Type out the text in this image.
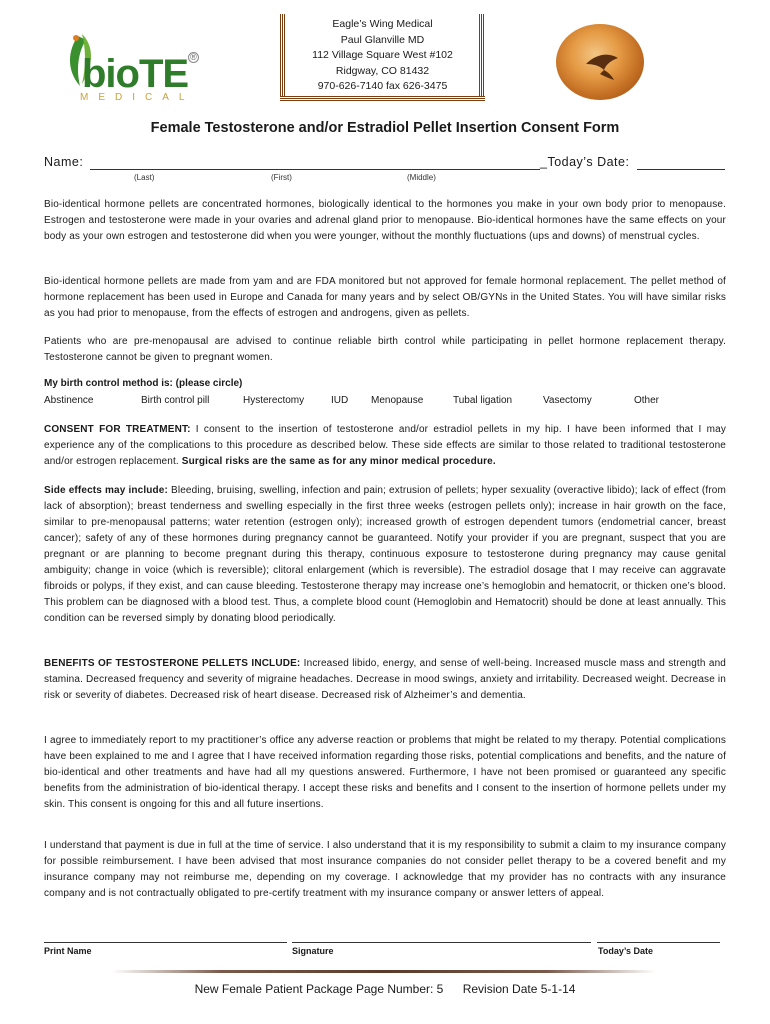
bioTE ®
MEDICAL
Eagle’s Wing Medical
Paul Glanville MD
112 Village Square West #102
Ridgway, CO 81432
970-626-7140 fax 626-3475
Female Testosterone and/or Estradiol Pellet Insertion Consent Form
Name:	_Today’s Date:
(Last)	(First)	(Middle)
Bio-identical hormone pellets are concentrated hormones, biologically identical to the hormones you make in your own body prior to menopause. Estrogen and testosterone were made in your ovaries and adrenal gland prior to menopause. Bio-identical hormones have the same effects on your body as your own estrogen and testosterone did when you were younger, without the monthly fluctuations (ups and downs) of menstrual cycles.
Bio-identical hormone pellets are made from yam and are FDA monitored but not approved for female hormonal replacement. The pellet method of hormone replacement has been used in Europe and Canada for many years and by select OB/GYNs in the United States. You will have similar risks as you had prior to menopause, from the effects of estrogen and androgens, given as pellets.
Patients who are pre-menopausal are advised to continue reliable birth control while participating in pellet hormone replacement therapy. Testosterone cannot be given to pregnant women.
My birth control method is: (please circle)
Abstinence	Birth control pill	Hysterectomy	IUD Menopause	Tubal ligation	Vasectomy	Other
CONSENT FOR TREATMENT: I consent to the insertion of testosterone and/or estradiol pellets in my hip. I have been informed that I may experience any of the complications to this procedure as described below. These side effects are similar to those related to traditional testosterone and/or estrogen replacement. Surgical risks are the same as for any minor medical procedure.
Side effects may include: Bleeding, bruising, swelling, infection and pain; extrusion of pellets; hyper sexuality (overactive libido); lack of effect (from lack of absorption); breast tenderness and swelling especially in the first three weeks (estrogen pellets only); increase in hair growth on the face, similar to pre-menopausal patterns; water retention (estrogen only); increased growth of estrogen dependent tumors (endometrial cancer, breast cancer); safety of any of these hormones during pregnancy cannot be guaranteed. Notify your provider if you are pregnant, suspect that you are pregnant or are planning to become pregnant during this therapy, continuous exposure to testosterone during pregnancy may cause genital ambiguity; change in voice (which is reversible); clitoral enlargement (which is reversible). The estradiol dosage that I may receive can aggravate fibroids or polyps, if they exist, and can cause bleeding. Testosterone therapy may increase one’s hemoglobin and hematocrit, or thicken one’s blood. This problem can be diagnosed with a blood test. Thus, a complete blood count (Hemoglobin and Hematocrit) should be done at least annually. This condition can be reversed simply by donating blood periodically.
BENEFITS OF TESTOSTERONE PELLETS INCLUDE: Increased libido, energy, and sense of well-being. Increased muscle mass and strength and stamina. Decreased frequency and severity of migraine headaches. Decrease in mood swings, anxiety and irritability. Decreased weight. Decrease in risk or severity of diabetes. Decreased risk of heart disease. Decreased risk of Alzheimer’s and dementia.
I agree to immediately report to my practitioner’s office any adverse reaction or problems that might be related to my therapy. Potential complications have been explained to me and I agree that I have received information regarding those risks, potential complications and benefits, and the nature of bio-identical and other treatments and have had all my questions answered. Furthermore, I have not been promised or guaranteed any specific benefits from the administration of bio-identical therapy. I accept these risks and benefits and I consent to the insertion of hormone pellets under my skin. This consent is ongoing for this and all future insertions.
I understand that payment is due in full at the time of service. I also understand that it is my responsibility to submit a claim to my insurance company for possible reimbursement. I have been advised that most insurance companies do not consider pellet therapy to be a covered benefit and my insurance company may not reimburse me, depending on my coverage. I acknowledge that my provider has no contracts with any insurance company and is not contractually obligated to pre-certify treatment with my insurance company or answer letters of appeal.
Print Name	Signature	Today’s Date
New Female Patient Package Page Number: 5 Revision Date 5-1-14
